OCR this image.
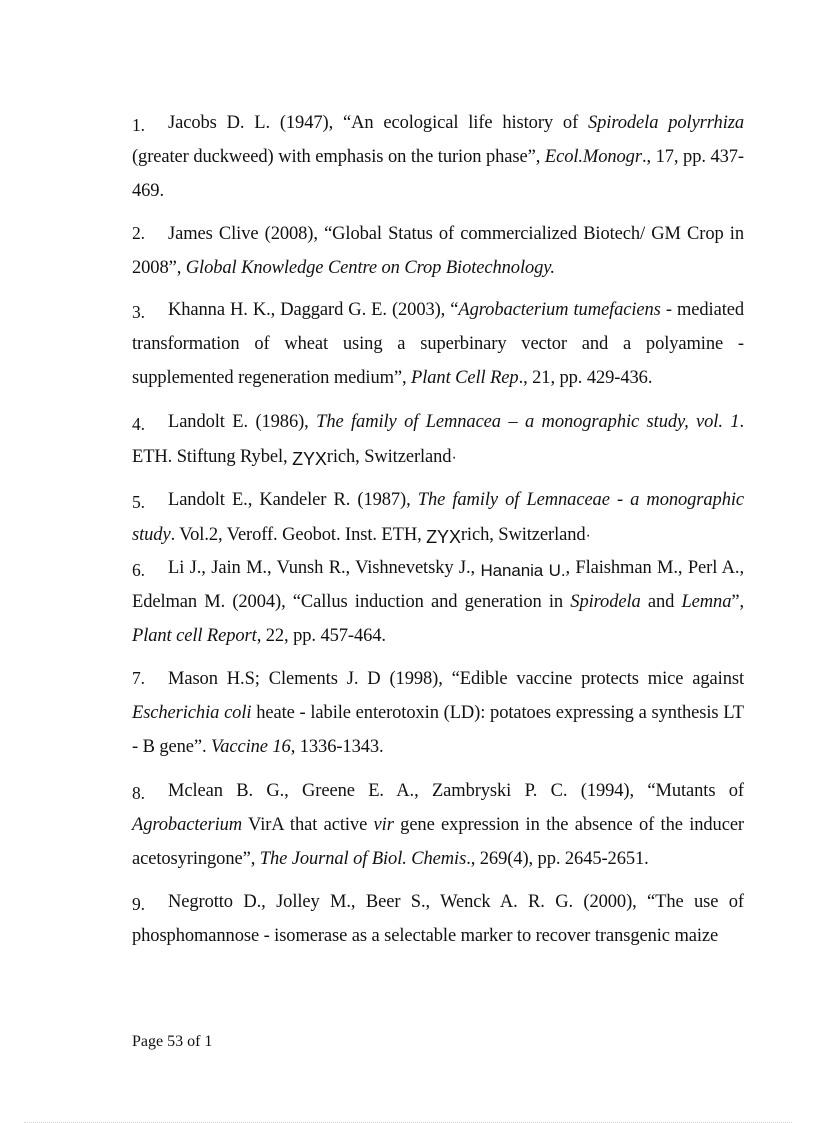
1. Jacobs D. L. (1947), “An ecological life history of Spirodela polyrrhiza (greater duckweed) with emphasis on the turion phase”, Ecol.Monogr., 17, pp. 437-469.
2. James Clive (2008), “Global Status of commercialized Biotech/ GM Crop in 2008”, Global Knowledge Centre on Crop Biotechnology.
3. Khanna H. K., Daggard G. E. (2003), “Agrobacterium tumefaciens - mediated transformation of wheat using a superbinary vector and a polyamine - supplemented regeneration medium”, Plant Cell Rep., 21, pp. 429-436.
4. Landolt E. (1986), The family of Lemnacea – a monographic study, vol. 1. ETH. Stiftung Rybel, ZYXrich, Switzerland·
5. Landolt E., Kandeler R. (1987), The family of Lemnaceae - a monographic study. Vol.2, Veroff. Geobot. Inst. ETH, ZYXrich, Switzerland·
6. Li J., Jain M., Vunsh R., Vishnevetsky J., Hanania U., Flaishman M., Perl A., Edelman M. (2004), “Callus induction and generation in Spirodela and Lemna”, Plant cell Report, 22, pp. 457-464.
7. Mason H.S; Clements J. D (1998), “Edible vaccine protects mice against Escherichia coli heate - labile enterotoxin (LD): potatoes expressing a synthesis LT - B gene”. Vaccine 16, 1336-1343.
8. Mclean B. G., Greene E. A., Zambryski P. C. (1994), “Mutants of Agrobacterium VirA that active vir gene expression in the absence of the inducer acetosyringone”, The Journal of Biol. Chemis., 269(4), pp. 2645-2651.
9. Negrotto D., Jolley M., Beer S., Wenck A. R. G. (2000), “The use of phosphomannose - isomerase as a selectable marker to recover transgenic maize
Page 53 of 1
